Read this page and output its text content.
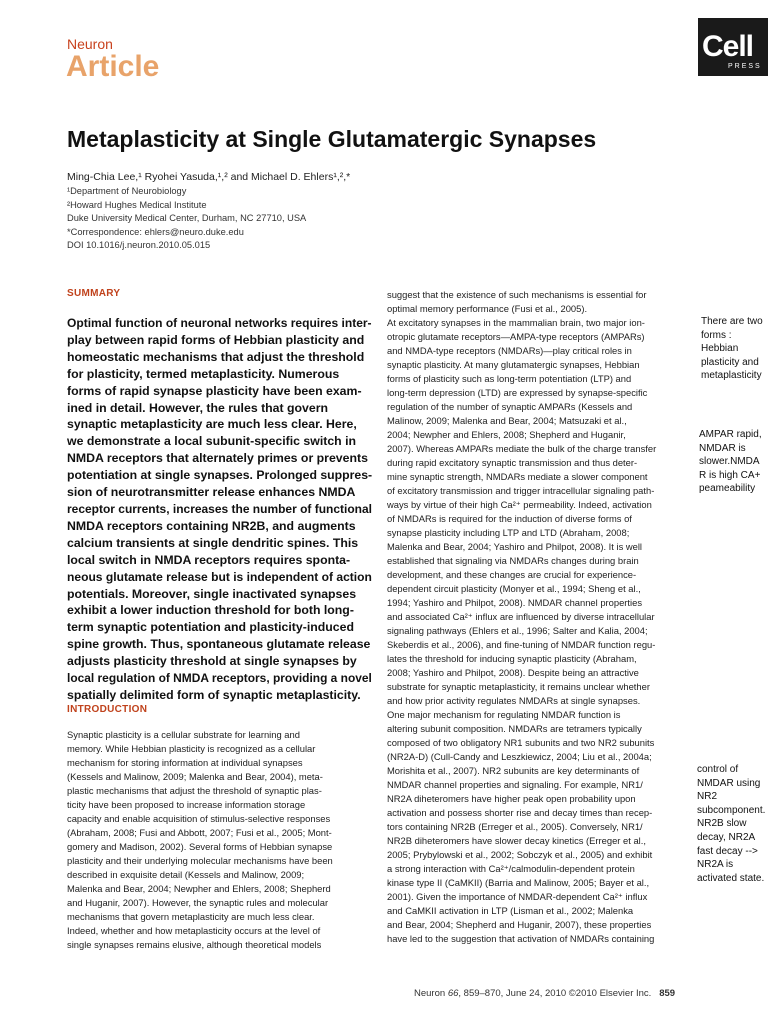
Neuron
Article
Cell
PRESS
Metaplasticity at Single Glutamatergic Synapses
Ming-Chia Lee,¹ Ryohei Yasuda,¹,² and Michael D. Ehlers¹,²,*
¹Department of Neurobiology
²Howard Hughes Medical Institute
Duke University Medical Center, Durham, NC 27710, USA
*Correspondence: ehlers@neuro.duke.edu
DOI 10.1016/j.neuron.2010.05.015
SUMMARY
Optimal function of neuronal networks requires inter-
play between rapid forms of Hebbian plasticity and
homeostatic mechanisms that adjust the threshold
for plasticity, termed metaplasticity. Numerous
forms of rapid synapse plasticity have been exam-
ined in detail. However, the rules that govern
synaptic metaplasticity are much less clear. Here,
we demonstrate a local subunit-specific switch in
NMDA receptors that alternately primes or prevents
potentiation at single synapses. Prolonged suppres-
sion of neurotransmitter release enhances NMDA
receptor currents, increases the number of functional
NMDA receptors containing NR2B, and augments
calcium transients at single dendritic spines. This
local switch in NMDA receptors requires sponta-
neous glutamate release but is independent of action
potentials. Moreover, single inactivated synapses
exhibit a lower induction threshold for both long-
term synaptic potentiation and plasticity-induced
spine growth. Thus, spontaneous glutamate release
adjusts plasticity threshold at single synapses by
local regulation of NMDA receptors, providing a novel
spatially delimited form of synaptic metaplasticity.
INTRODUCTION
Synaptic plasticity is a cellular substrate for learning and
memory. While Hebbian plasticity is recognized as a cellular
mechanism for storing information at individual synapses
(Kessels and Malinow, 2009; Malenka and Bear, 2004), meta-
plastic mechanisms that adjust the threshold of synaptic plas-
ticity have been proposed to increase information storage
capacity and enable acquisition of stimulus-selective responses
(Abraham, 2008; Fusi and Abbott, 2007; Fusi et al., 2005; Mont-
gomery and Madison, 2002). Several forms of Hebbian synapse
plasticity and their underlying molecular mechanisms have been
described in exquisite detail (Kessels and Malinow, 2009;
Malenka and Bear, 2004; Newpher and Ehlers, 2008; Shepherd
and Huganir, 2007). However, the synaptic rules and molecular
mechanisms that govern metaplasticity are much less clear.
Indeed, whether and how metaplasticity occurs at the level of
single synapses remains elusive, although theoretical models
suggest that the existence of such mechanisms is essential for
optimal memory performance (Fusi et al., 2005).
At excitatory synapses in the mammalian brain, two major ion-
otropic glutamate receptors—AMPA-type receptors (AMPARs)
and NMDA-type receptors (NMDARs)—play critical roles in
synaptic plasticity. At many glutamatergic synapses, Hebbian
forms of plasticity such as long-term potentiation (LTP) and
long-term depression (LTD) are expressed by synapse-specific
regulation of the number of synaptic AMPARs (Kessels and
Malinow, 2009; Malenka and Bear, 2004; Matsuzaki et al.,
2004; Newpher and Ehlers, 2008; Shepherd and Huganir,
2007). Whereas AMPARs mediate the bulk of the charge transfer
during rapid excitatory synaptic transmission and thus deter-
mine synaptic strength, NMDARs mediate a slower component
of excitatory transmission and trigger intracellular signaling path-
ways by virtue of their high Ca²⁺ permeability. Indeed, activation
of NMDARs is required for the induction of diverse forms of
synapse plasticity including LTP and LTD (Abraham, 2008;
Malenka and Bear, 2004; Yashiro and Philpot, 2008). It is well
established that signaling via NMDARs changes during brain
development, and these changes are crucial for experience-
dependent circuit plasticity (Monyer et al., 1994; Sheng et al.,
1994; Yashiro and Philpot, 2008). NMDAR channel properties
and associated Ca²⁺ influx are influenced by diverse intracellular
signaling pathways (Ehlers et al., 1996; Salter and Kalia, 2004;
Skeberdis et al., 2006), and fine-tuning of NMDAR function regu-
lates the threshold for inducing synaptic plasticity (Abraham,
2008; Yashiro and Philpot, 2008). Despite being an attractive
substrate for synaptic metaplasticity, it remains unclear whether
and how prior activity regulates NMDARs at single synapses.
One major mechanism for regulating NMDAR function is
altering subunit composition. NMDARs are tetramers typically
composed of two obligatory NR1 subunits and two NR2 subunits
(NR2A-D) (Cull-Candy and Leszkiewicz, 2004; Liu et al., 2004a;
Morishita et al., 2007). NR2 subunits are key determinants of
NMDAR channel properties and signaling. For example, NR1/
NR2A diheteromers have higher peak open probability upon
activation and possess shorter rise and decay times than recep-
tors containing NR2B (Erreger et al., 2005). Conversely, NR1/
NR2B diheteromers have slower decay kinetics (Erreger et al.,
2005; Prybylowski et al., 2002; Sobczyk et al., 2005) and exhibit
a strong interaction with Ca²⁺/calmodulin-dependent protein
kinase type II (CaMKII) (Barria and Malinow, 2005; Bayer et al.,
2001). Given the importance of NMDAR-dependent Ca²⁺ influx
and CaMKII activation in LTP (Lisman et al., 2002; Malenka
and Bear, 2004; Shepherd and Huganir, 2007), these properties
have led to the suggestion that activation of NMDARs containing
There are two
forms :
Hebbian
plasticity and
metaplasticity
AMPAR rapid,
NMDAR is
slower.NMDA
R is high CA+
peameability
control of
NMDAR using
NR2
subcomponent.
NR2B slow
decay, NR2A
fast decay -->
NR2A is
activated state.
Neuron 66, 859–870, June 24, 2010 ©2010 Elsevier Inc. 859
